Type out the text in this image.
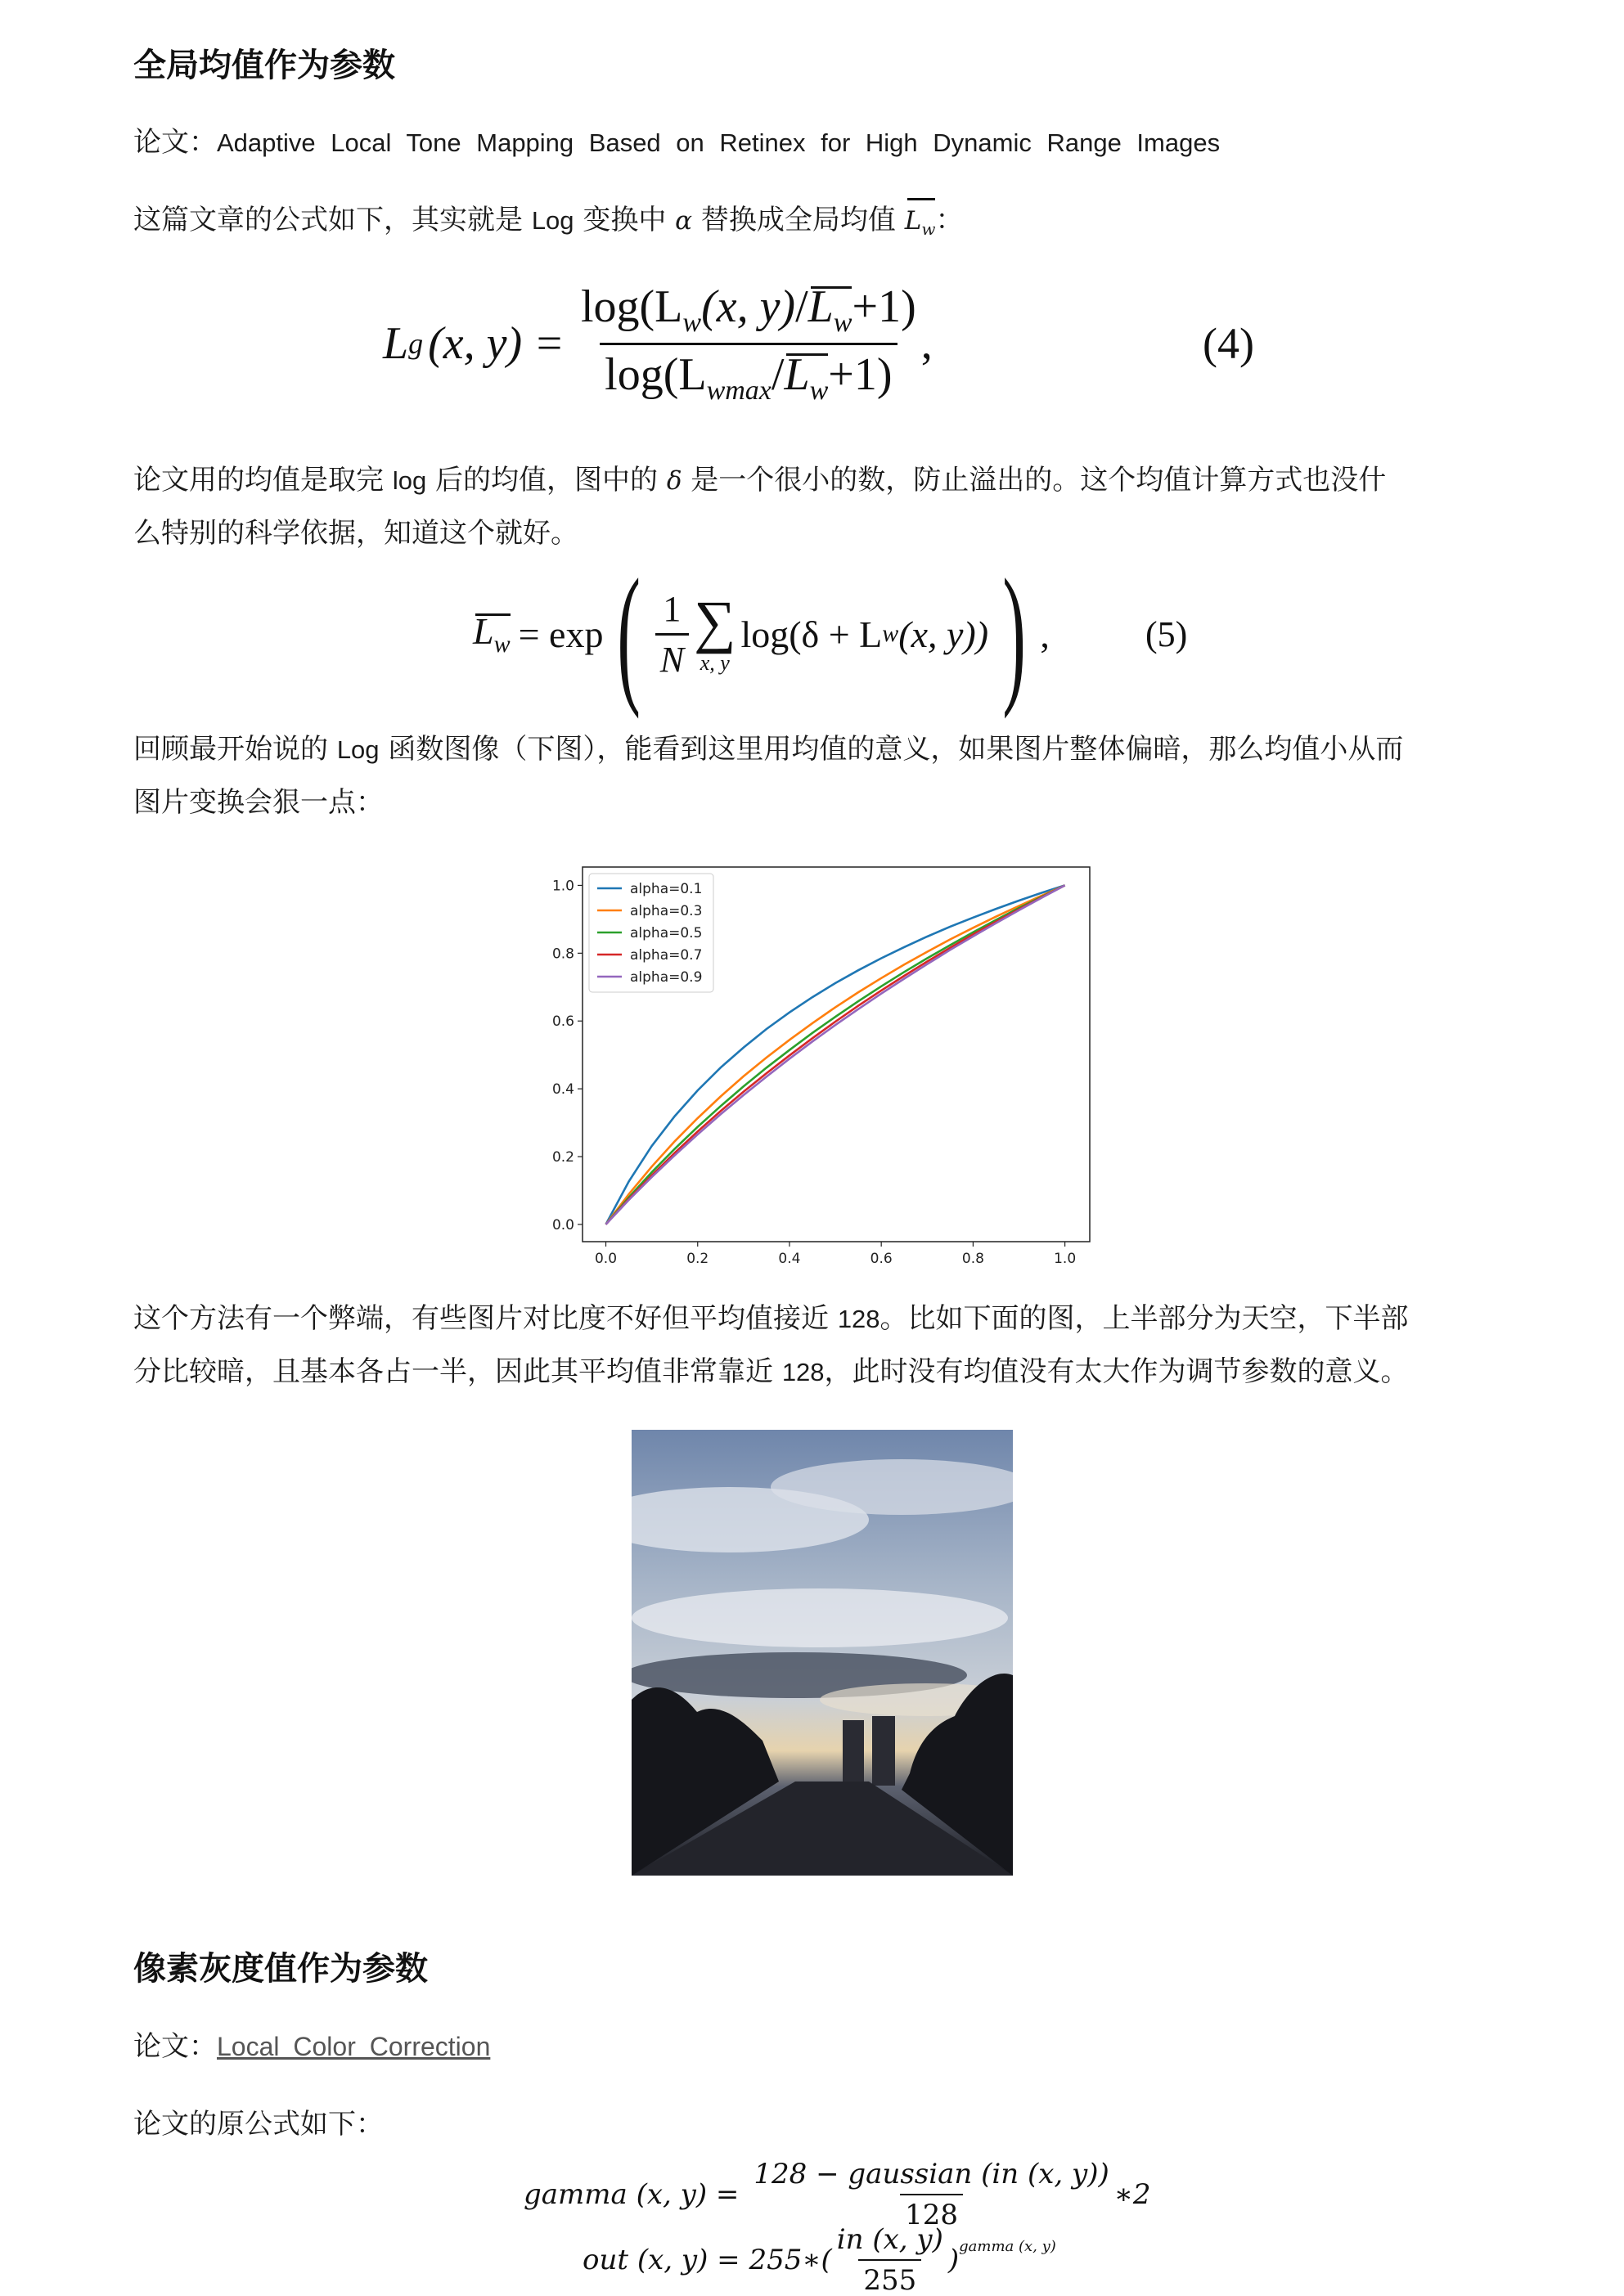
全局均值作为参数
论文：Adaptive Local Tone Mapping Based on Retinex for High Dynamic Range Images
这篇文章的公式如下，其实就是 Log 变换中 α 替换成全局均值 $L_w$：
L g (x, $y) = \frac{\log(L_w(x, y)/L_w+1)}{\log(L_{wmax}/L_w+1)}$ ,	(4)
论文用的均值是取完 log 后的均值，图中的 δ 是一个很小的数，防止溢出的。这个均值计算方式也没什
么特别的科学依据，知道这个就好。
$L_w = \exp$ ( $\frac{1}{N}$ ∑
x, y
log(δ + L w (x, y)) ) ,	(5)
回顾最开始说的 Log 函数图像（下图），能看到这里用均值的意义，如果图片整体偏暗，那么均值小从而
图片变换会狠一点：
0.0	0.2	0.4	0.6	0.8	1.0
0.0
0.2
0.4
0.6
0.8
1.0	alpha=0.1
alpha=0.3
alpha=0.5
alpha=0.7
alpha=0.9
这个方法有一个弊端，有些图片对比度不好但平均值接近 128。比如下面的图，上半部分为天空，下半部
分比较暗，且基本各占一半，因此其平均值非常靠近 128，此时没有均值没有太大作为调节参数的意义。
像素灰度值作为参数
论文：Local Color Correction
论文的原公式如下：
gamma (x, $y) = \frac{\text{128 − gaussian (in (x, y))}}{128}$ ∗2
out (x, y) = 255∗( $\frac{in (x, y)}{255} )^{gamma (x, y)}$
